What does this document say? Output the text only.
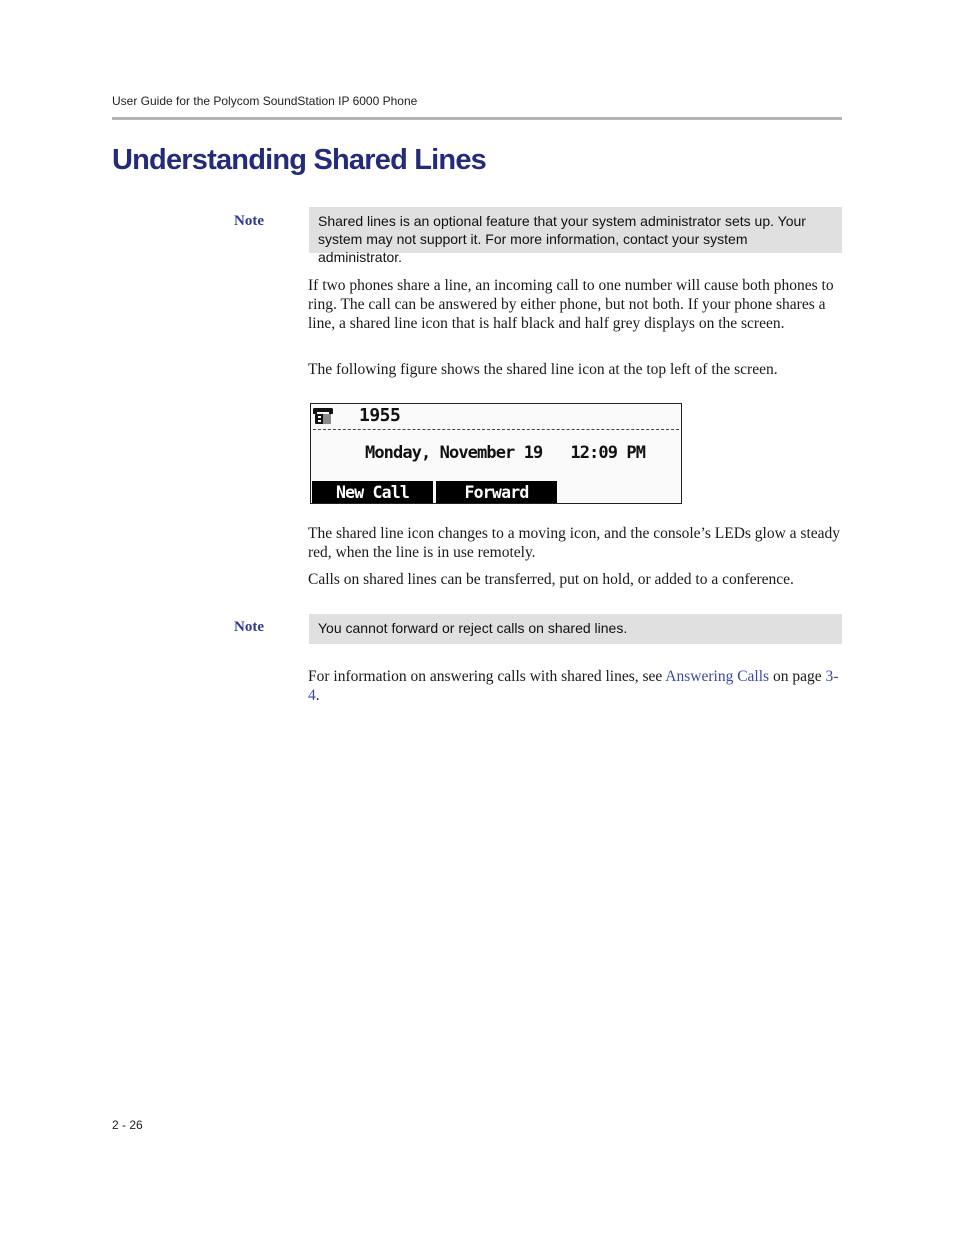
User Guide for the Polycom SoundStation IP 6000 Phone
Understanding Shared Lines
Note	Shared lines is an optional feature that your system administrator sets up. Your system may not support it. For more information, contact your system administrator.

If two phones share a line, an incoming call to one number will cause both phones to ring. The call can be answered by either phone, but not both. If your phone shares a line, a shared line icon that is half black and half grey displays on the screen.

The following figure shows the shared line icon at the top left of the screen.

1955
Monday, November 19   12:09 PM
New Call	Forward

The shared line icon changes to a moving icon, and the console’s LEDs glow a steady red, when the line is in use remotely.

Calls on shared lines can be transferred, put on hold, or added to a conference.

Note	You cannot forward or reject calls on shared lines.

For information on answering calls with shared lines, see Answering Calls on page 3-4.

2 - 26
